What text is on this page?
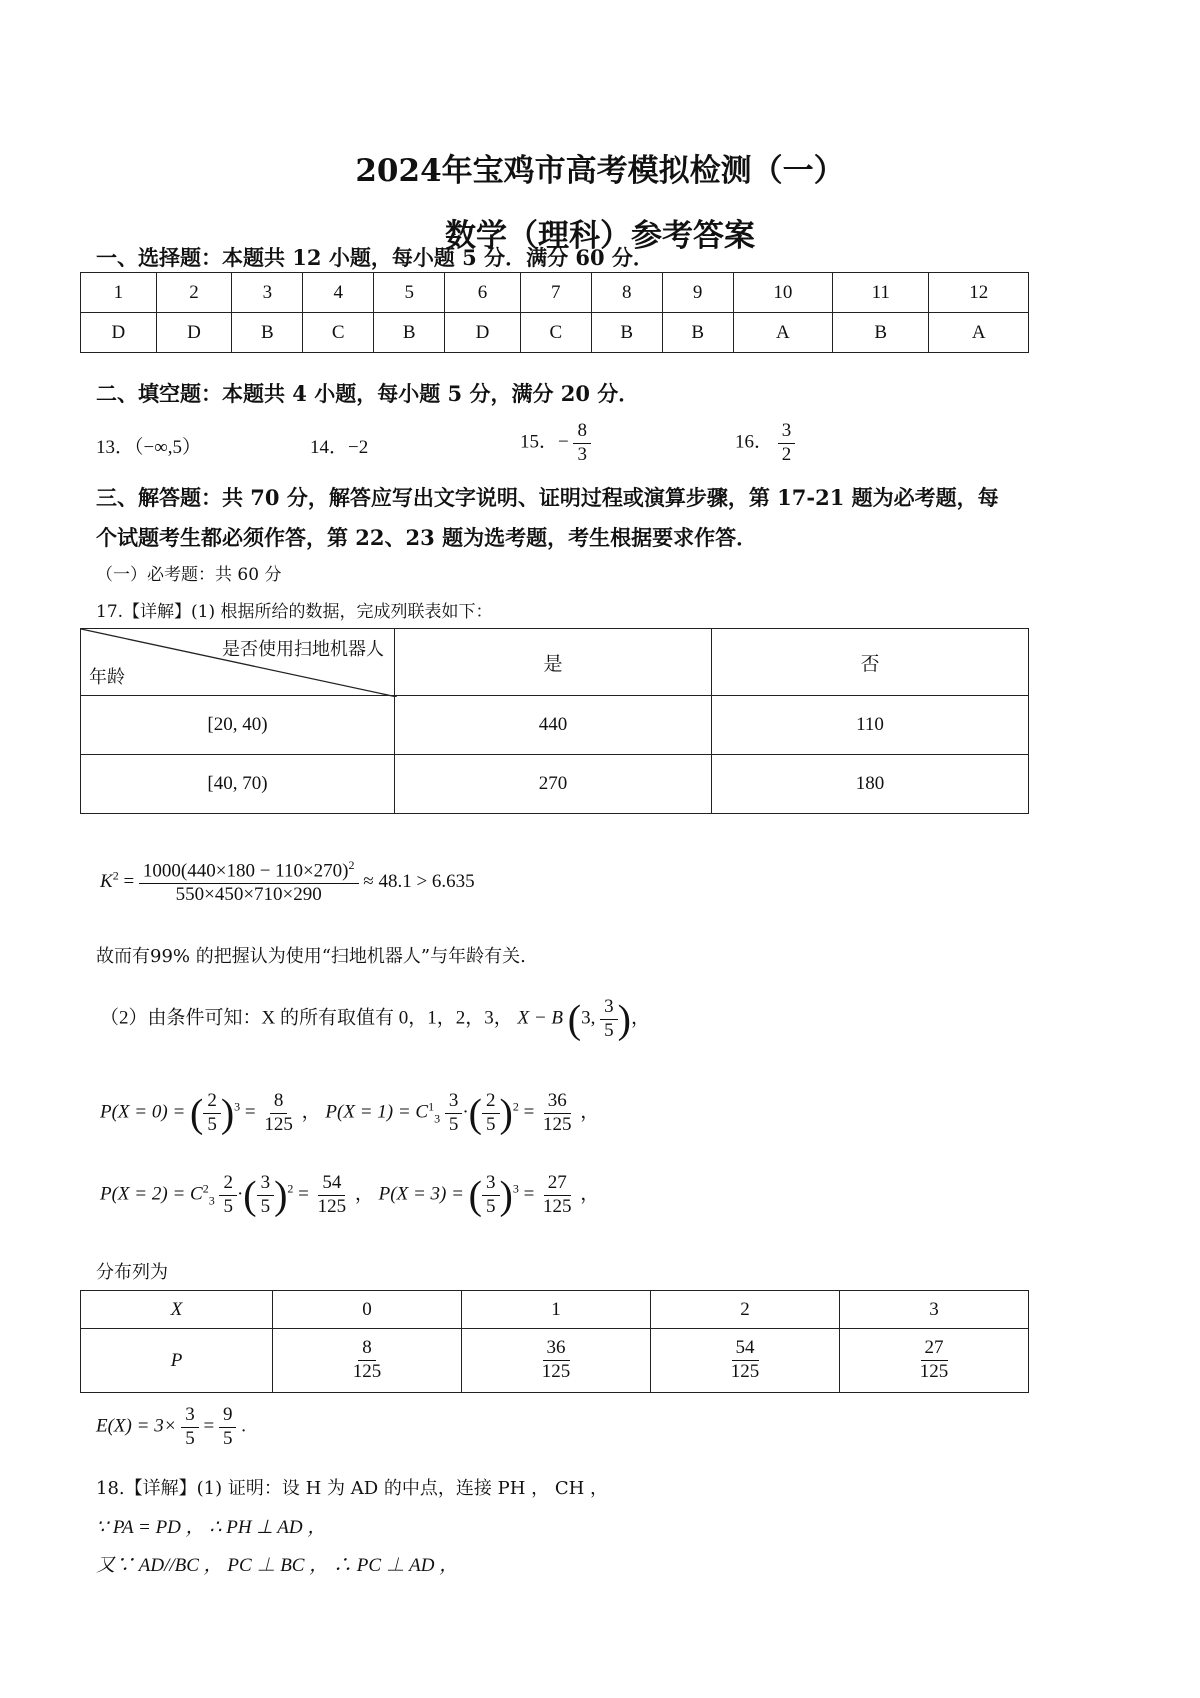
2024年宝鸡市高考模拟检测（一）
数学（理科）参考答案
一、选择题：本题共 12 小题，每小题 5 分．满分 60 分．
1	2	3	4	5	6	7	8	9	10	11	12
D	D	B	C	B	D	C	B	B	A	B	A
二、填空题：本题共 4 小题，每小题 5 分，满分 20 分．
13．（−∞,5）	14．−2	15．− $\frac{8}{3}$	16． $\frac{3}{2}$
三、解答题：共 70 分，解答应写出文字说明、证明过程或演算步骤，第 17-21 题为必考题，每
个试题考生都必须作答，第 22、23 题为选考题，考生根据要求作答．
（一）必考题：共 60 分
17.【详解】(1) 根据所给的数据，完成列联表如下：
是否使用扫地机器人
年龄	是	否
[20, 40)	440	110
[40, 70)	270	180
$K^2 = \frac{1000(440\times 180 - 110\times 270)^2}{550\times 450\times 710\times 290} \approx 48.1 > 6.635$
故而有99% 的把握认为使用“扫地机器人”与年龄有关.
（2）由条件可知：X 的所有取值有 0，1，2，3， X − B (3, $\frac{3}{5}$ )，
P(X = 0) = ( $\frac{2}{5} )^3 = \frac{8}{125}$ ， $P(X = 1) = C^1_3 \frac{3}{5}$ ·( $\frac{2}{5} )^2 = \frac{36}{125}$ ，
$P(X = 2) = C^2_3 \frac{2}{5}$ ·( $\frac{3}{5} )^2 = \frac{54}{125}$ ， P(X = 3) = ( $\frac{3}{5} )^3 = \frac{27}{125}$ ，
分布列为
X	0	1	2	3
P	$\frac{8}{125}$	$\frac{36}{125}$	$\frac{54}{125}$	$\frac{27}{125}$
$E(X) = 3\times \frac{3}{5} = \frac{9}{5}$ .
18.【详解】(1) 证明：设 H 为 AD 的中点，连接 PH ， CH ，
∵ PA = PD ， ∴ PH ⊥ AD ，
又∵ AD//BC ， PC ⊥ BC ， ∴ PC ⊥ AD ，
